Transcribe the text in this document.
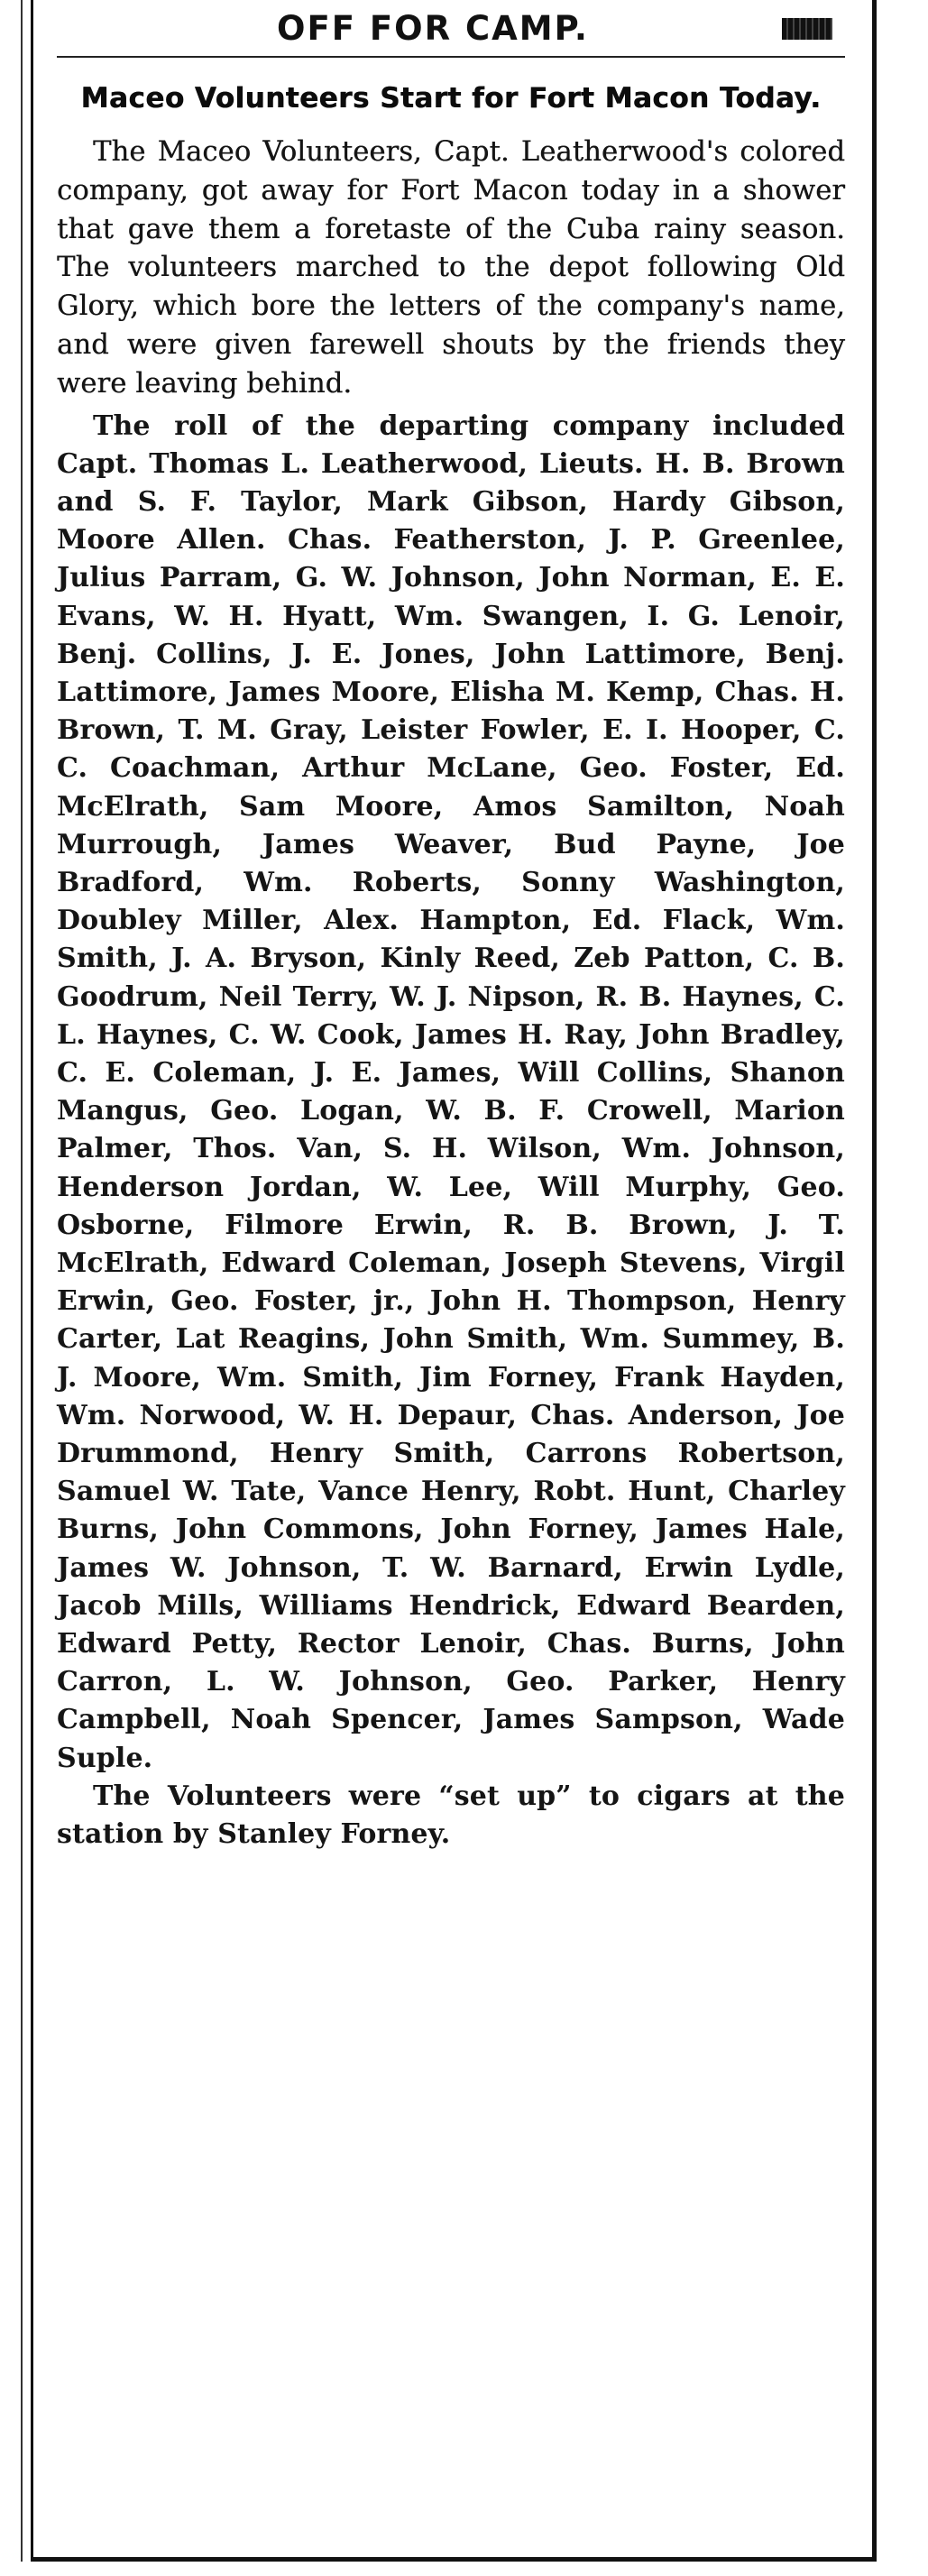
OFF FOR CAMP.
Maceo Volunteers Start for Fort Macon Today.

The Maceo Volunteers, Capt. Leatherwood's colored company, got away for Fort Macon today in a shower that gave them a foretaste of the Cuba rainy season. The volunteers marched to the depot following Old Glory, which bore the letters of the company's name, and were given farewell shouts by the friends they were leaving behind.

The roll of the departing company included Capt. Thomas L. Leatherwood, Lieuts. H. B. Brown and S. F. Taylor, Mark Gibson, Hardy Gibson, Moore Allen. Chas. Featherston, J. P. Greenlee, Julius Parram, G. W. Johnson, John Norman, E. E. Evans, W. H. Hyatt, Wm. Swangen, I. G. Lenoir, Benj. Collins, J. E. Jones, John Lattimore, Benj. Lattimore, James Moore, Elisha M. Kemp, Chas. H. Brown, T. M. Gray, Leister Fowler, E. I. Hooper, C. C. Coachman, Arthur McLane, Geo. Foster, Ed. McElrath, Sam Moore, Amos Samilton, Noah Murrough, James Weaver, Bud Payne, Joe Bradford, Wm. Roberts, Sonny Washington, Doubley Miller, Alex. Hampton, Ed. Flack, Wm. Smith, J. A. Bryson, Kinly Reed, Zeb Patton, C. B. Goodrum, Neil Terry, W. J. Nipson, R. B. Haynes, C. L. Haynes, C. W. Cook, James H. Ray, John Bradley, C. E. Coleman, J. E. James, Will Collins, Shanon Mangus, Geo. Logan, W. B. F. Crowell, Marion Palmer, Thos. Van, S. H. Wilson, Wm. Johnson, Henderson Jordan, W. Lee, Will Murphy, Geo. Osborne, Filmore Erwin, R. B. Brown, J. T. McElrath, Edward Coleman, Joseph Stevens, Virgil Erwin, Geo. Foster, jr., John H. Thompson, Henry Carter, Lat Reagins, John Smith, Wm. Summey, B. J. Moore, Wm. Smith, Jim Forney, Frank Hayden, Wm. Norwood, W. H. Depaur, Chas. Anderson, Joe Drummond, Henry Smith, Carrons Robertson, Samuel W. Tate, Vance Henry, Robt. Hunt, Charley Burns, John Commons, John Forney, James Hale, James W. Johnson, T. W. Barnard, Erwin Lydle, Jacob Mills, Williams Hendrick, Edward Bearden, Edward Petty, Rector Lenoir, Chas. Burns, John Carron, L. W. Johnson, Geo. Parker, Henry Campbell, Noah Spencer, James Sampson, Wade Suple.

The Volunteers were “set up” to cigars at the station by Stanley Forney.
